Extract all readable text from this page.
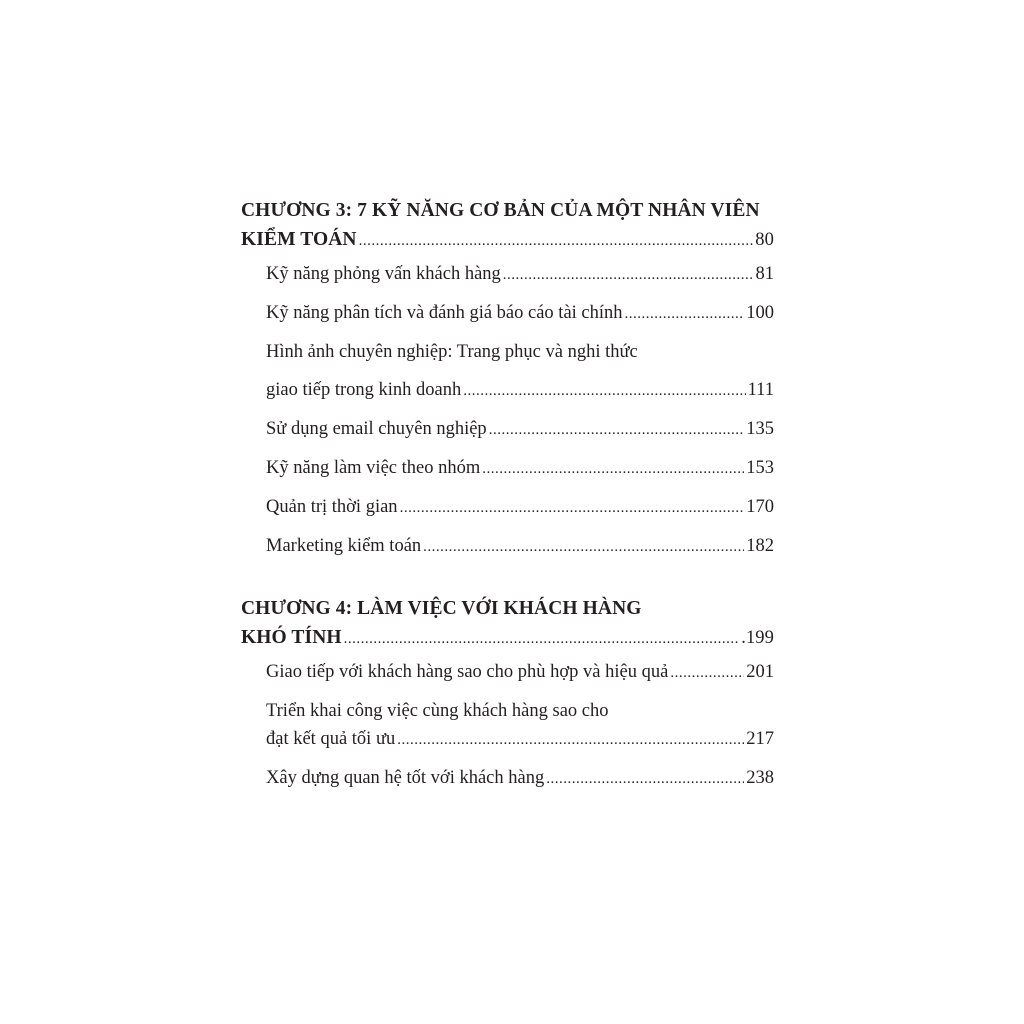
CHƯƠNG 3: 7 KỸ NĂNG CƠ BẢN CỦA MỘT NHÂN VIÊN
KIỂM TOÁN .....	80
Kỹ năng phỏng vấn khách hàng .....	81
Kỹ năng phân tích và đánh giá báo cáo tài chính .....	100
Hình ảnh chuyên nghiệp: Trang phục và nghi thức
giao tiếp trong kinh doanh .....	111
Sử dụng email chuyên nghiệp .....	135
Kỹ năng làm việc theo nhóm .....	153
Quản trị thời gian .....	170
Marketing kiểm toán .....	182
CHƯƠNG 4: LÀM VIỆC VỚI KHÁCH HÀNG
KHÓ TÍNH .....	.199
Giao tiếp với khách hàng sao cho phù hợp và hiệu quả .....	201
Triển khai công việc cùng khách hàng sao cho
đạt kết quả tối ưu .....	217
Xây dựng quan hệ tốt với khách hàng .....	238
